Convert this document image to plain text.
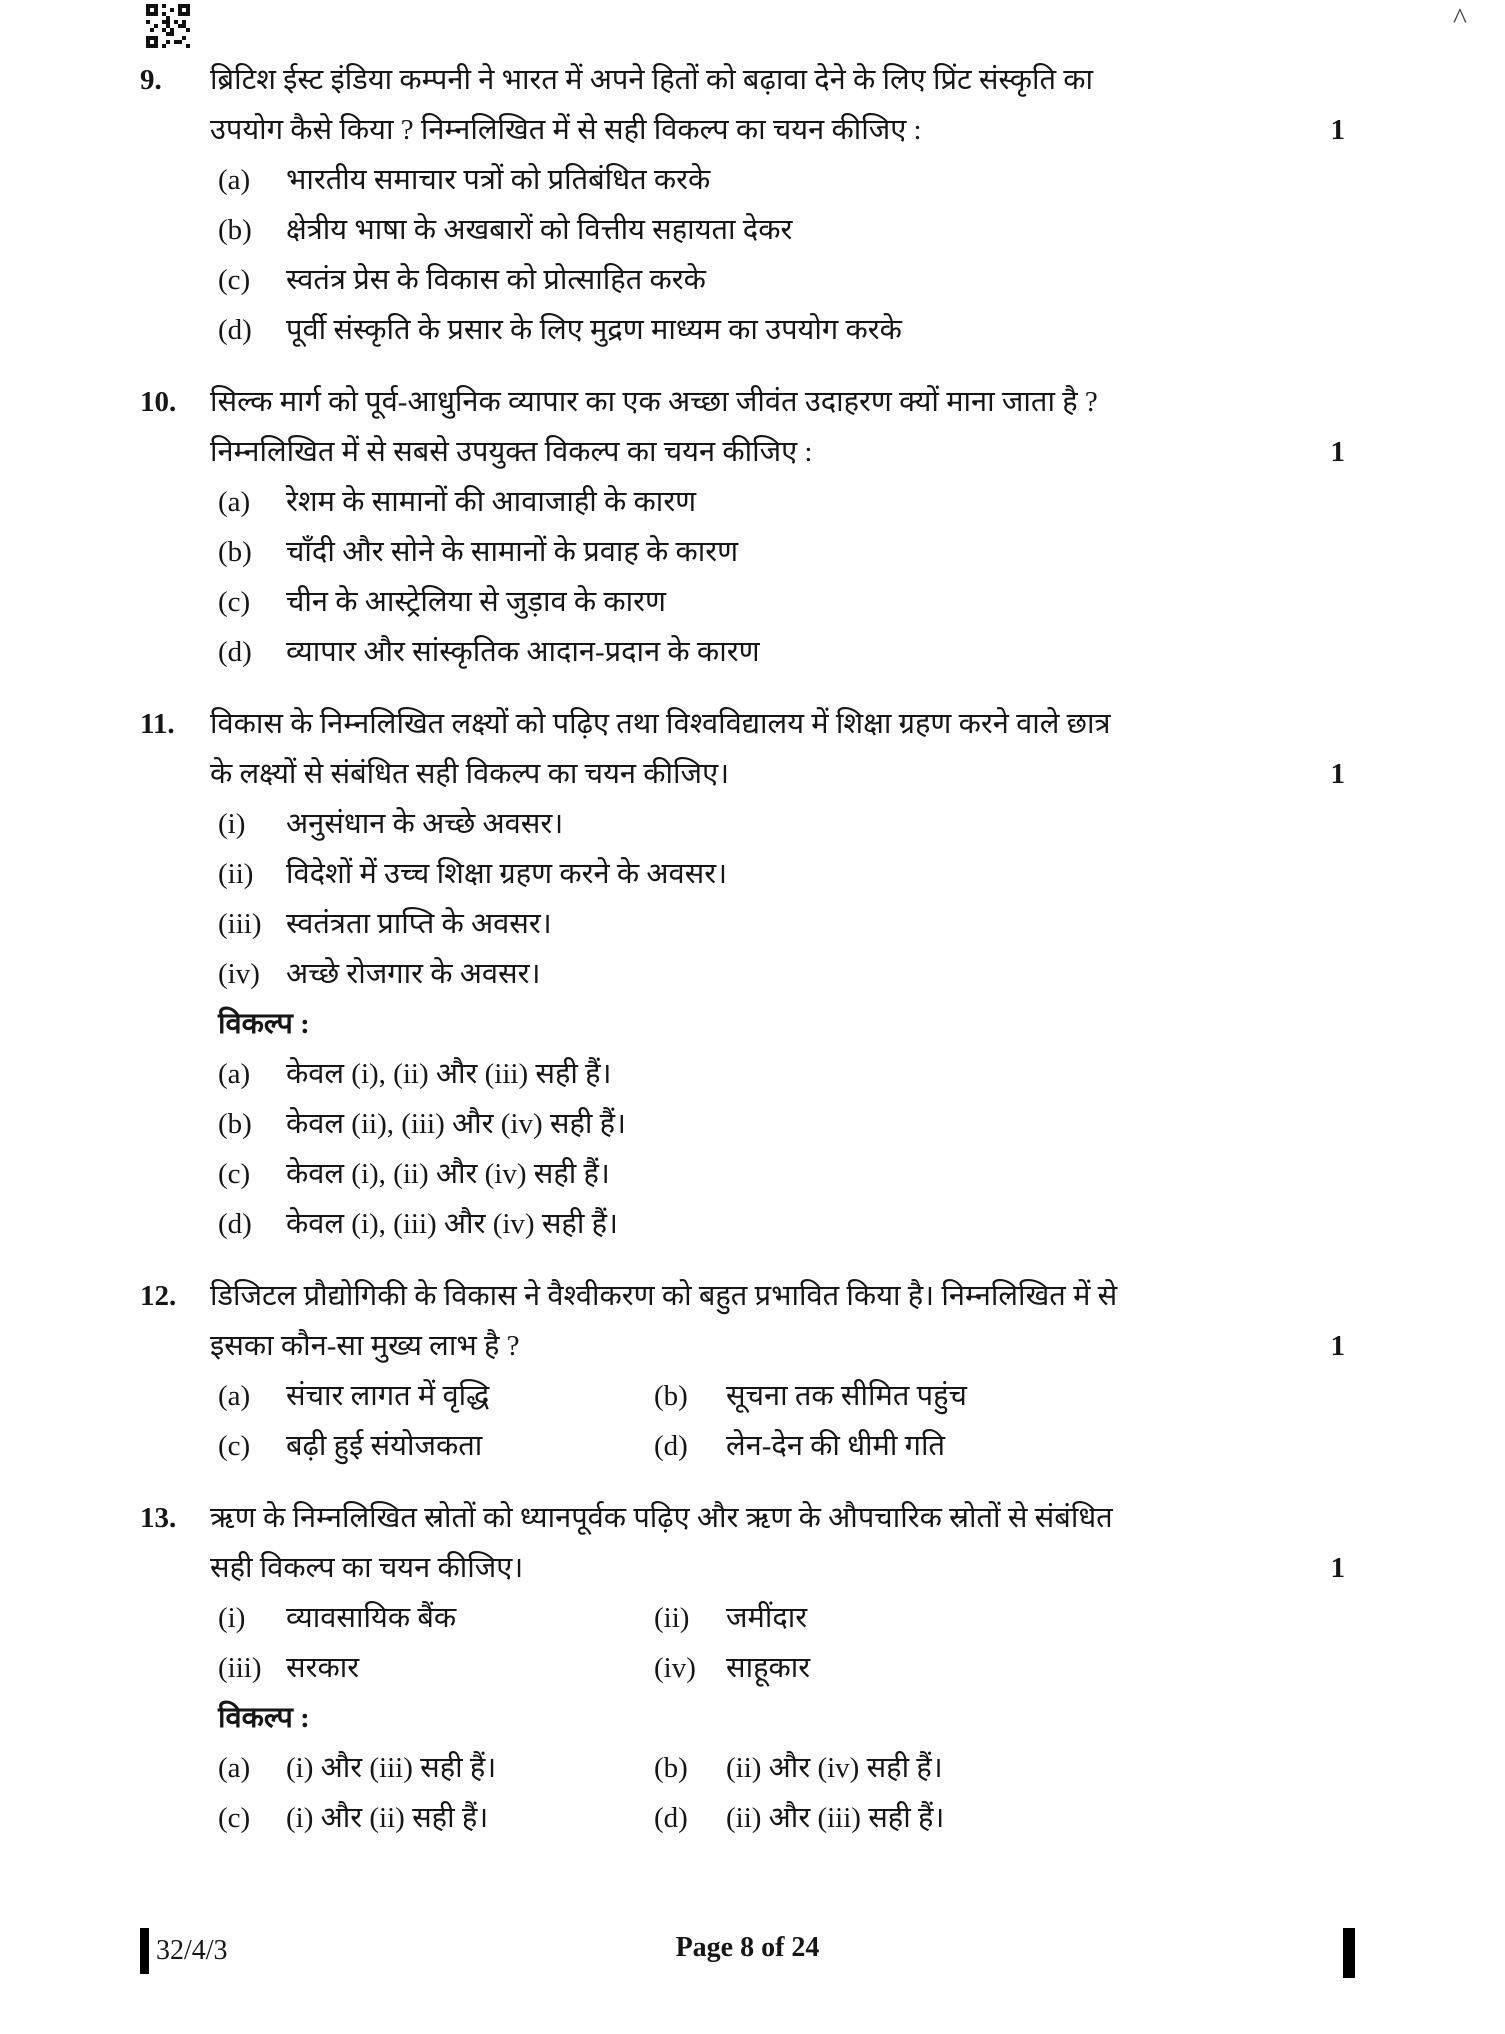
^
9.	ब्रिटिश ईस्ट इंडिया कम्पनी ने भारत में अपने हितों को बढ़ावा देने के लिए प्रिंट संस्कृति का
उपयोग कैसे किया ? निम्नलिखित में से सही विकल्प का चयन कीजिए :	1
(a)	भारतीय समाचार पत्रों को प्रतिबंधित करके
(b)	क्षेत्रीय भाषा के अखबारों को वित्तीय सहायता देकर
(c)	स्वतंत्र प्रेस के विकास को प्रोत्साहित करके
(d)	पूर्वी संस्कृति के प्रसार के लिए मुद्रण माध्यम का उपयोग करके
10.	सिल्क मार्ग को पूर्व-आधुनिक व्यापार का एक अच्छा जीवंत उदाहरण क्यों माना जाता है ?
निम्नलिखित में से सबसे उपयुक्त विकल्प का चयन कीजिए :	1
(a)	रेशम के सामानों की आवाजाही के कारण
(b)	चाँदी और सोने के सामानों के प्रवाह के कारण
(c)	चीन के आस्ट्रेलिया से जुड़ाव के कारण
(d)	व्यापार और सांस्कृतिक आदान-प्रदान के कारण
11.	विकास के निम्नलिखित लक्ष्यों को पढ़िए तथा विश्वविद्यालय में शिक्षा ग्रहण करने वाले छात्र
के लक्ष्यों से संबंधित सही विकल्प का चयन कीजिए।	1
(i)	अनुसंधान के अच्छे अवसर।
(ii)	विदेशों में उच्च शिक्षा ग्रहण करने के अवसर।
(iii) स्वतंत्रता प्राप्ति के अवसर।
(iv) अच्छे रोजगार के अवसर।
विकल्प :
(a)	केवल (i), (ii) और (iii) सही हैं।
(b)	केवल (ii), (iii) और (iv) सही हैं।
(c)	केवल (i), (ii) और (iv) सही हैं।
(d)	केवल (i), (iii) और (iv) सही हैं।
12.	डिजिटल प्रौद्योगिकी के विकास ने वैश्वीकरण को बहुत प्रभावित किया है। निम्नलिखित में से
इसका कौन-सा मुख्य लाभ है ?	1
(a)	संचार लागत में वृद्धि	(b)	सूचना तक सीमित पहुंच
(c)	बढ़ी हुई संयोजकता	(d)	लेन-देन की धीमी गति
13.	ऋण के निम्नलिखित स्रोतों को ध्यानपूर्वक पढ़िए और ऋण के औपचारिक स्रोतों से संबंधित
सही विकल्प का चयन कीजिए।	1
(i)	व्यावसायिक बैंक	(ii)	जमींदार
(iii) सरकार	(iv)	साहूकार
विकल्प :
(a)	(i) और (iii) सही हैं।	(b)	(ii) और (iv) सही हैं।
(c)	(i) और (ii) सही हैं।	(d)	(ii) और (iii) सही हैं।
32/4/3	Page 8 of 24
